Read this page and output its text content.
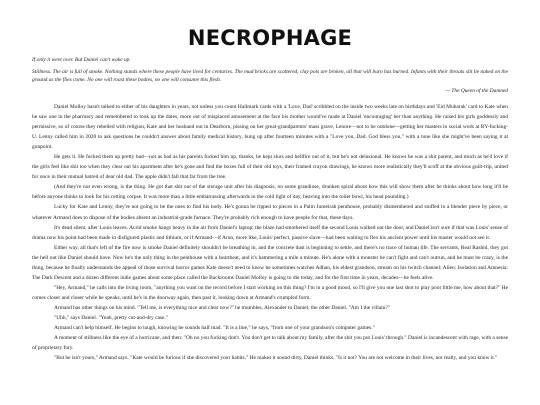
NECROPHAGE

If only it were over. But Daniel can't wake up.

Stillness. The air is full of smoke. Nothing stands where these people have lived for centuries. The mud bricks are scattered, clay pots are broken, all that will burn has burned. Infants with their throats slit lie naked on the ground as the flies come. No one will roast these bodies, no one will consume this flesh.

— The Queen of the Damned

Daniel Molloy hasn't talked to either of his daughters in years, not unless you count Hallmark cards with a 'Love, Dad' scribbled on the inside two weeks late on birthdays and 'Eid Mubarak' card to Kate when he saw one in the pharmacy and remembered to look up the dates, more out of misplaced amusement at the face his mother would've made at Daniel 'encouraging' her than anything. He raised his girls goddessly and permissive, so of course they rebelled with religion, Kate and her husband out in Dearborn, pissing on her great-grandparents' mass grave, Lenore—not to be outdone—getting her masters in social work at BY-fucking-U. Lenny called him in 2020 to ask questions he couldn't answer about family medical history, hung up after fourteen minutes with a "Love you, Dad. God bless you," with a tone like she might've been saying it at gunpoint.

He gets it. He fucked them up pretty bad—not as bad as his parents fucked him up, thanks, he kept slurs and hellfire out of it, but he's not delusional. He knows he was a shit parent, and much as he'd love if the girls feel like shit too when they clear out his apartment after he's gone and find the boxes full of their old toys, their framed crayon drawings, he knows more realistically they'll scoff at the obvious guilt-trip, united for once in their mutual hatred of dear old dad. The apple didn't fall that far from the tree.

(And they're not even wrong, is the thing. He got that shit out of the storage unit after his diagnosis, on some grandiose, drunken spiral about how this will show them after he thinks about how long it'll be before anyone thinks to look for his rotting corpse. It was more than a little embarrassing afterwards in the cold light of day, heaving into the toilet bowl, his head pounding.)

Lucky for Kate and Lenny, they're not going to be the ones to find his body. He's gonna be ripped to pieces in a Palm Jumeirah penthouse, probably dismembered and stuffed in a blender piece by piece, or whatever Armand does to dispose of the bodies absent an industrial-grade furnace. They're probably rich enough to have people for that, these days.

It's dead silent, after Louis leaves. Acrid smoke hangs heavy in the air from Daniel's laptop; the blaze had smothered itself the second Louis walked out the door, and Daniel isn't sure if that was Louis' sense of drama now his point had been made in disfigured plastic and lithium, or if Armand—if Arun, more like, Louis' perfect, passive slave—had been waiting to flex his ancient power until his master would not see it.

Either way, all that's left of the fire now is smoke Daniel definitely shouldn't be breathing in, and the concrete dust is beginning to settle, and there's no trace of human life. The servants, Real Rashid, they got the hell out like Daniel should have. Now he's the only thing in the penthouse with a heartbeat, and it's hammering a mile a minute. He's alone with a monster he can't fight and can't outrun, and he must be crazy, is the thing, because he finally understands the appeal of those survival horror games Kate doesn't need to know he sometimes watches Adhan, his eldest grandson, stream on his twitch channel: Alien: Isolation and Amnesia: The Dark Descent and a dozen different indie games about some place called the Backrooms Daniel Molloy is going to die today, and for the first time in years, decades—he feels alive.

"Hey, Armand," he calls into the living room, "anything you want on the record before I start working on this thing? I'm in a good mood, so I'll give you one last shot to play poor little me, how about that?" He comes closer and closer while he speaks, until he's in the doorway again, then past it, looking down at Armand's crumpled form.

Armand has other things on his mind. "Tell me, is everything nice and clear now?" he mumbles, Alexander to Daniel, the other Daniel. "Am I the villain?"

"Uhh," says Daniel. "Yeah, pretty cut-and-dry case."

Armand can't help himself. He begins to laugh, knowing he sounds half mad. "It is a line," he says, "from one of your grandson's computer games."

A moment of stillness like the eye of a hurricane, and then: "Oh no you fucking don't. You don't get to talk about my family, after the shit you put Louis' through." Daniel is incandescent with rage, with a sense of proprietary fury.

"But he isn't yours," Armand says. "Kate would be furious if she discovered your habits." He makes it sound dirty, Daniel thinks. "Is it not? You are not welcome in their lives, not really, and you know it."
